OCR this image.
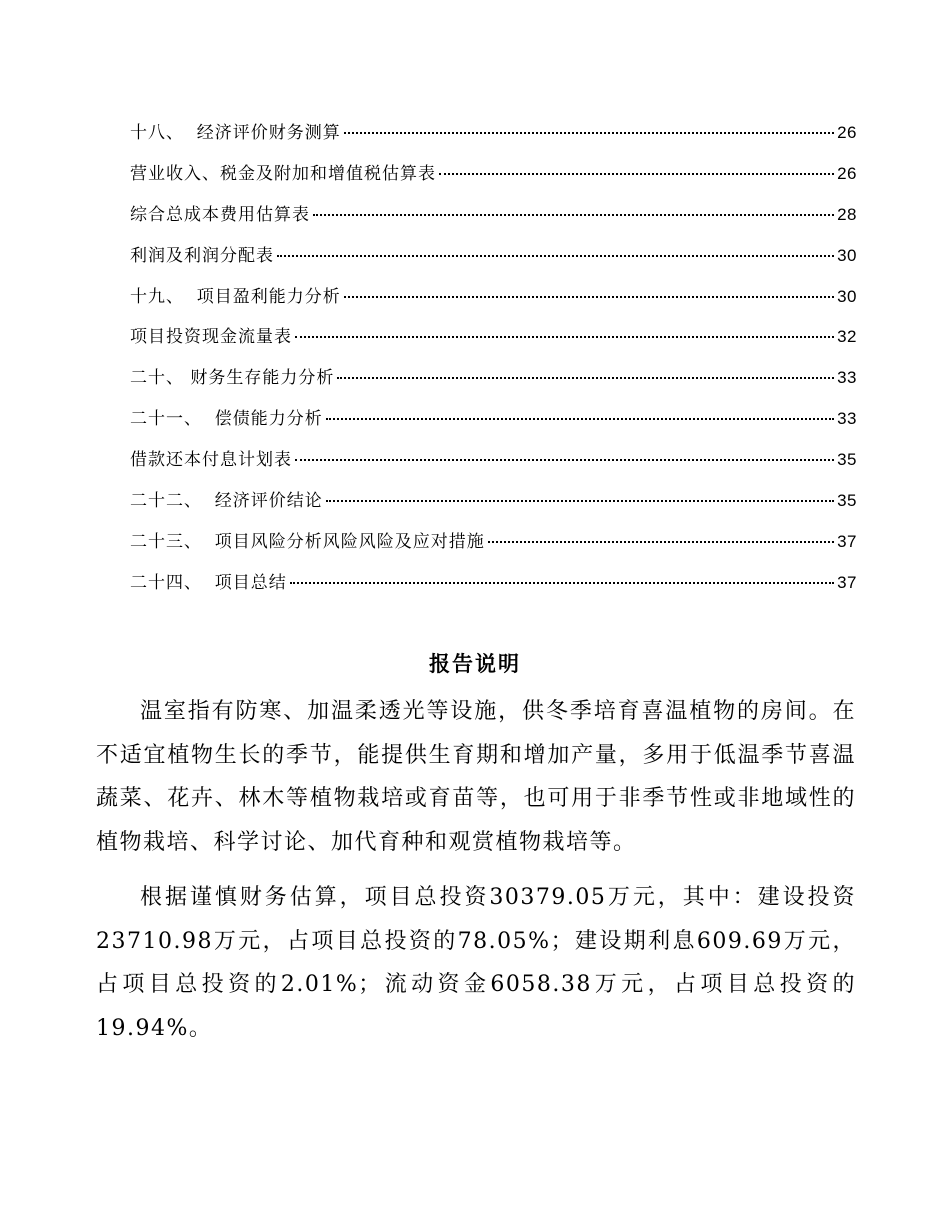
十八、  经济评价财务测算	26
营业收入、税金及附加和增值税估算表	26
综合总成本费用估算表	28
利润及利润分配表	30
十九、  项目盈利能力分析	30
项目投资现金流量表	32
二十、 财务生存能力分析	33
二十一、  偿债能力分析	33
借款还本付息计划表	35
二十二、  经济评价结论	35
二十三、  项目风险分析风险风险及应对措施	37
二十四、  项目总结	37
报告说明

温室指有防寒、加温柔透光等设施，供冬季培育喜温植物的房间。在不适宜植物生长的季节，能提供生育期和增加产量，多用于低温季节喜温蔬菜、花卉、林木等植物栽培或育苗等，也可用于非季节性或非地域性的植物栽培、科学讨论、加代育种和观赏植物栽培等。

根据谨慎财务估算，项目总投资30379.05万元，其中：建设投资23710.98万元，占项目总投资的78.05%；建设期利息609.69万元，占项目总投资的2.01%；流动资金6058.38万元，占项目总投资的19.94%。
